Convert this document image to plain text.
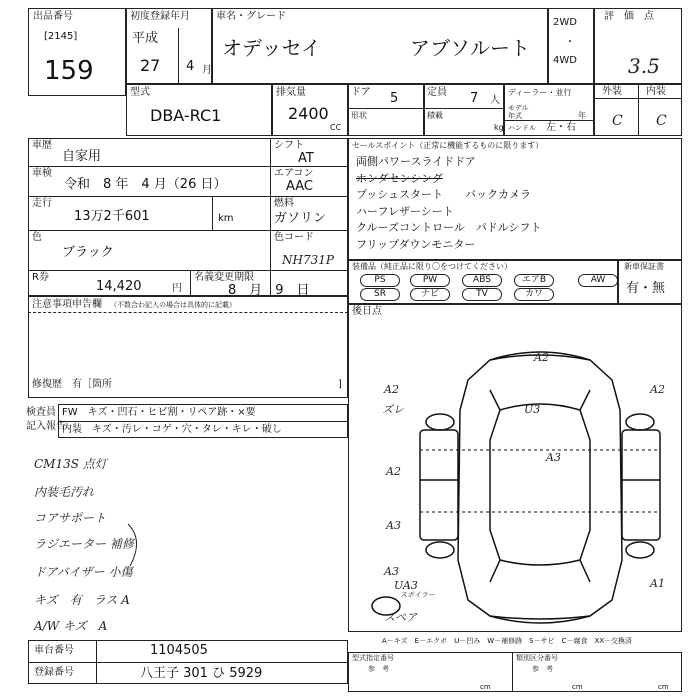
出品番号
[2145]
159
初度登録年月
平成
27 4 月
車名・グレード
オデッセイ	アブソルート
2WD
・
4WD
評　価　点
3.5
型式
DBA-RC1
排気量
2400
CC
ドア 5
形状
定員 7 人
積載
kg
ディーラー・並行
モデル年式	年
ハンドル 左・右
外装 内装
C C
車歴
自家用
シフト
AT
車検
令和　8 年　4 月（26 日）
エアコン
AAC
走行
13万2千601	km
燃料
ガソリン
色
ブラック
色コード
NH731P
R券
14,420	円
名義変更期限
8　月　9　日
セールスポイント（正常に機能するものに限ります）
両側パワースライドドア
ホンダセンシング
プッシュスタート　　バックカメラ
ハーフレザーシート
クルーズコントロール　パドルシフト
フリップダウンモニター
装備品（純正品に限り〇をつけてください）
PS	PW	ABS	エアB	AW
SR	ナビ	TV	カワ
新車保証書
有・無
注意事項申告欄 （不数合わ記入の場合は具体的に記載）
修復歴　有［箇所	]
後日点
検査員
記入報告
FW　キズ・凹石・ヒビ割・リペア跡・×要
内装　キズ・汚レ・コゲ・穴・タレ・キレ・破し
CM13S 点灯
内装毛汚れ
コアサポート
ラジエーター 補修
ドアバイザー 小傷
キズ　有　ラス A
A/W キズ　A
A2
ズレ
A2
A3
U3
A2
A2
A3
A3
A1
UA3
スポイラー
スペア
A－キズ　E－エクボ　U－凹み　W－補修跡　S－サビ　C－腐食　XX－交換済
車台番号	1104505
登録番号	八王子 301 ひ 5929
型式指定番号
参　考
類別区分番号
参　考
cm	cm	cm
